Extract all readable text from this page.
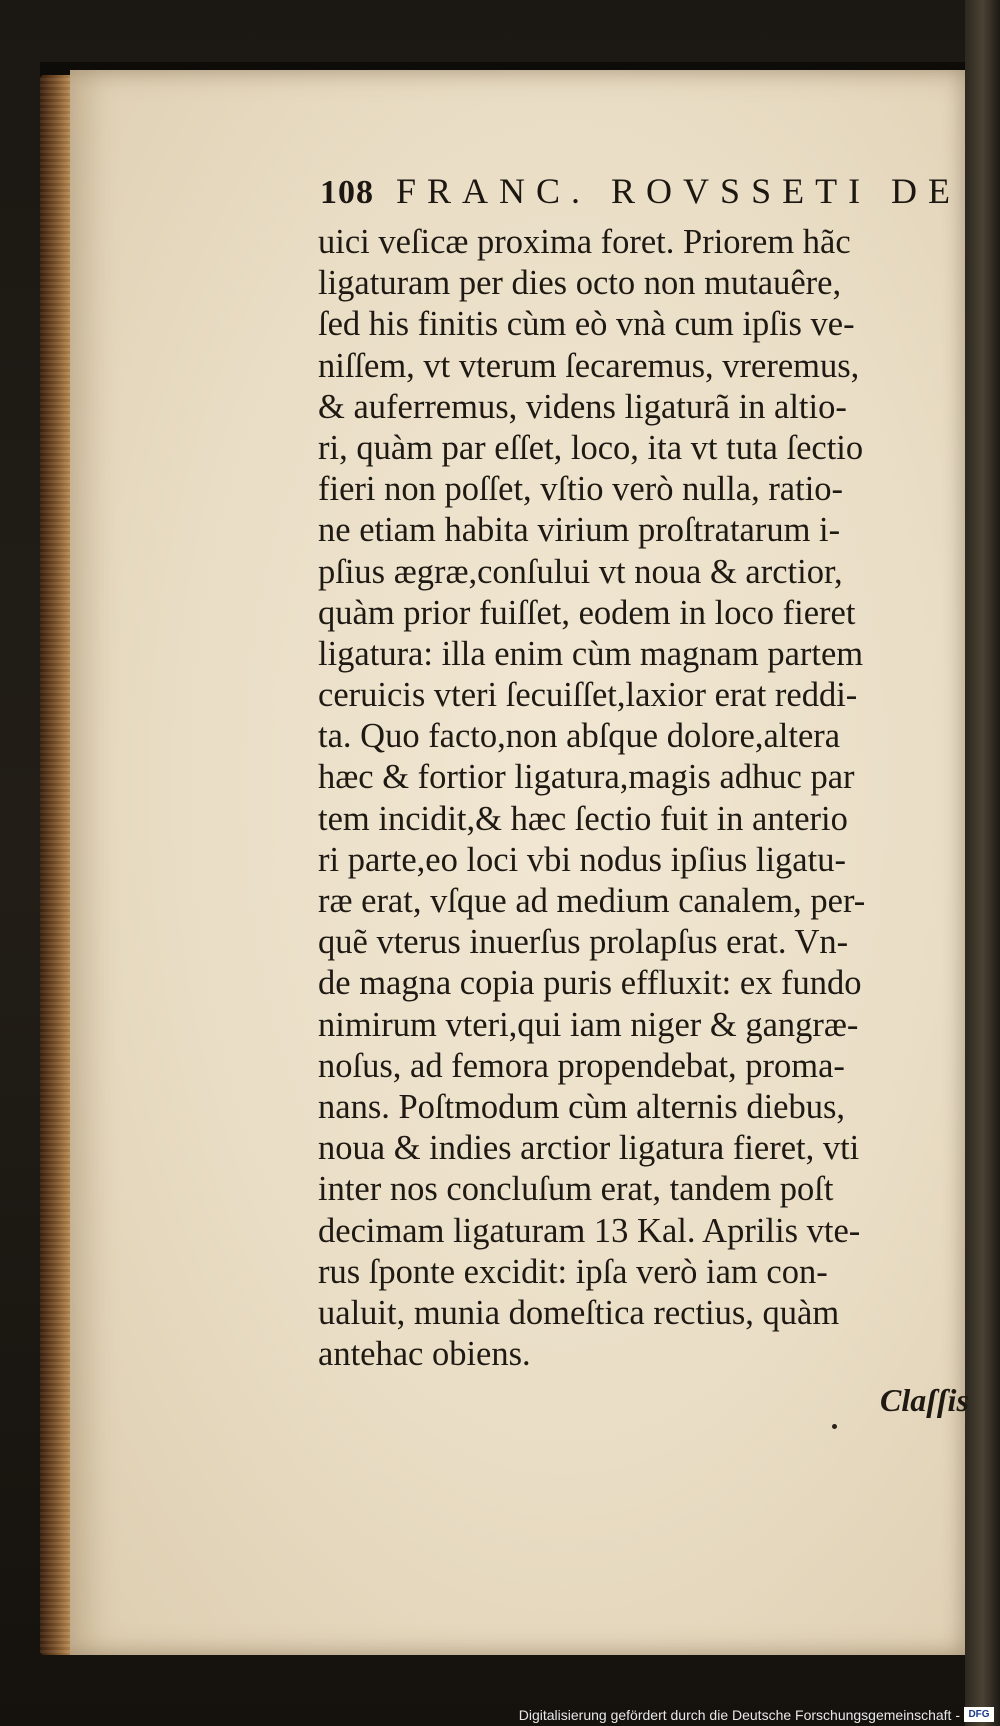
108 FRANC. ROVSSETI DE
uici veſicæ proxima foret. Priorem hãc
ligaturam per dies octo non mutauêre,
ſed his finitis cùm eò vnà cum ipſis ve-
niſſem, vt vterum ſecaremus, vreremus,
& auferremus, videns ligaturã in altio-
ri, quàm par eſſet, loco, ita vt tuta ſectio
fieri non poſſet, vſtio verò nulla, ratio-
ne etiam habita virium proſtratarum i-
pſius ægræ,conſului vt noua & arctior,
quàm prior fuiſſet, eodem in loco fieret
ligatura: illa enim cùm magnam partem
ceruicis vteri ſecuiſſet,laxior erat reddi-
ta. Quo facto,non abſque dolore,altera
hæc & fortior ligatura,magis adhuc par
tem incidit,& hæc ſectio fuit in anterio
ri parte,eo loci vbi nodus ipſius ligatu-
ræ erat, vſque ad medium canalem, per-
quẽ vterus inuerſus prolapſus erat. Vn-
de magna copia puris effluxit: ex fundo
nimirum vteri,qui iam niger & gangræ-
noſus, ad femora propendebat, proma-
nans. Poſtmodum cùm alternis diebus,
noua & indies arctior ligatura fieret, vti
inter nos concluſum erat, tandem poſt
decimam ligaturam 13 Kal. Aprilis vte-
rus ſponte excidit: ipſa verò iam con-
ualuit, munia domeſtica rectius, quàm
antehac obiens.
Claſſis
Digitalisierung gefördert durch die Deutsche Forschungsgemeinschaft - DFG
